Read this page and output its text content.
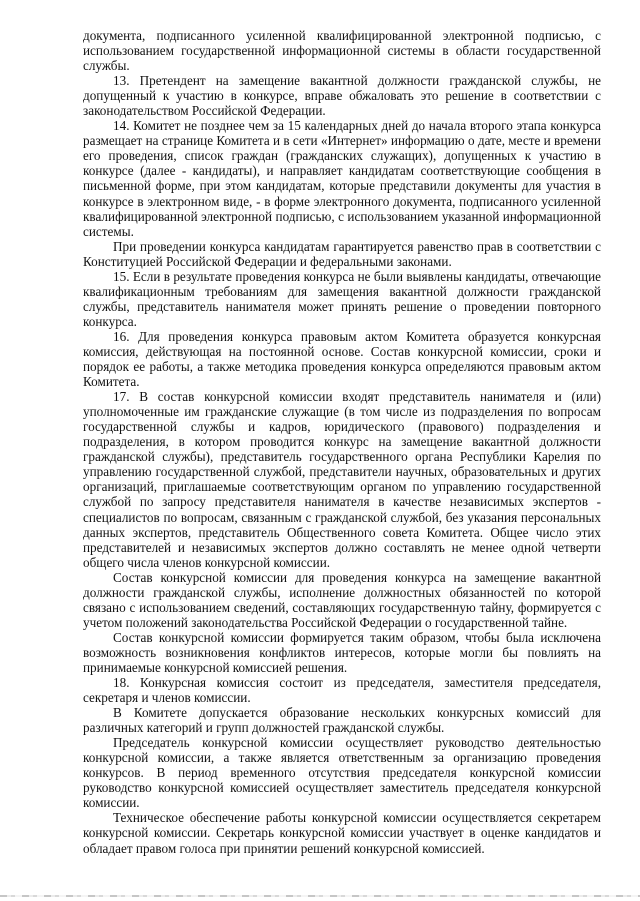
документа, подписанного усиленной квалифицированной электронной подписью, с использованием государственной информационной системы в области государственной службы.

13. Претендент на замещение вакантной должности гражданской службы, не допущенный к участию в конкурсе, вправе обжаловать это решение в соответствии с законодательством Российской Федерации.

14. Комитет не позднее чем за 15 календарных дней до начала второго этапа конкурса размещает на странице Комитета и в сети «Интернет» информацию о дате, месте и времени его проведения, список граждан (гражданских служащих), допущенных к участию в конкурсе (далее - кандидаты), и направляет кандидатам соответствующие сообщения в письменной форме, при этом кандидатам, которые представили документы для участия в конкурсе в электронном виде, - в форме электронного документа, подписанного усиленной квалифицированной электронной подписью, с использованием указанной информационной системы.

При проведении конкурса кандидатам гарантируется равенство прав в соответствии с Конституцией Российской Федерации и федеральными законами.

15. Если в результате проведения конкурса не были выявлены кандидаты, отвечающие квалификационным требованиям для замещения вакантной должности гражданской службы, представитель нанимателя может принять решение о проведении повторного конкурса.

16. Для проведения конкурса правовым актом Комитета образуется конкурсная комиссия, действующая на постоянной основе. Состав конкурсной комиссии, сроки и порядок ее работы, а также методика проведения конкурса определяются правовым актом Комитета.

17. В состав конкурсной комиссии входят представитель нанимателя и (или) уполномоченные им гражданские служащие (в том числе из подразделения по вопросам государственной службы и кадров, юридического (правового) подразделения и подразделения, в котором проводится конкурс на замещение вакантной должности гражданской службы), представитель государственного органа Республики Карелия по управлению государственной службой, представители научных, образовательных и других организаций, приглашаемые соответствующим органом по управлению государственной службой по запросу представителя нанимателя в качестве независимых экспертов - специалистов по вопросам, связанным с гражданской службой, без указания персональных данных экспертов, представитель Общественного совета Комитета. Общее число этих представителей и независимых экспертов должно составлять не менее одной четверти общего числа членов конкурсной комиссии.

Состав конкурсной комиссии для проведения конкурса на замещение вакантной должности гражданской службы, исполнение должностных обязанностей по которой связано с использованием сведений, составляющих государственную тайну, формируется с учетом положений законодательства Российской Федерации о государственной тайне.

Состав конкурсной комиссии формируется таким образом, чтобы была исключена возможность возникновения конфликтов интересов, которые могли бы повлиять на принимаемые конкурсной комиссией решения.

18. Конкурсная комиссия состоит из председателя, заместителя председателя, секретаря и членов комиссии.

В Комитете допускается образование нескольких конкурсных комиссий для различных категорий и групп должностей гражданской службы.

Председатель конкурсной комиссии осуществляет руководство деятельностью конкурсной комиссии, а также является ответственным за организацию проведения конкурсов. В период временного отсутствия председателя конкурсной комиссии руководство конкурсной комиссией осуществляет заместитель председателя конкурсной комиссии.

Техническое обеспечение работы конкурсной комиссии осуществляется секретарем конкурсной комиссии. Секретарь конкурсной комиссии участвует в оценке кандидатов и обладает правом голоса при принятии решений конкурсной комиссией.
